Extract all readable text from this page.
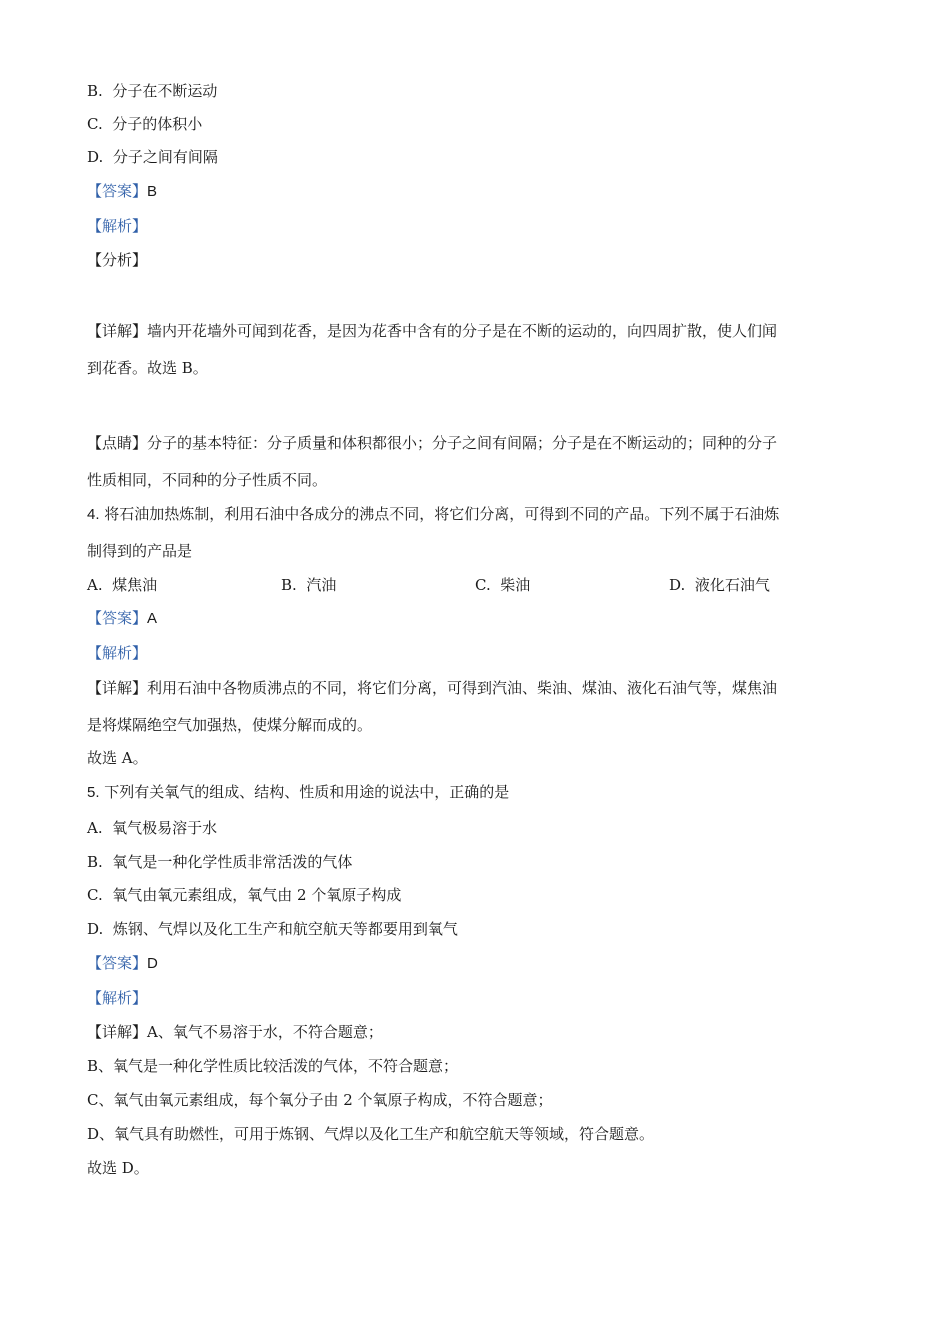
B. 分子在不断运动
C. 分子的体积小
D. 分子之间有间隔
【答案】B
【解析】
【分析】
【详解】墙内开花墙外可闻到花香，是因为花香中含有的分子是在不断的运动的，向四周扩散，使人们闻
到花香。故选 B。
【点睛】分子的基本特征：分子质量和体积都很小；分子之间有间隔；分子是在不断运动的；同种的分子
性质相同，不同种的分子性质不同。
4. 将石油加热炼制，利用石油中各成分的沸点不同，将它们分离，可得到不同的产品。下列不属于石油炼
制得到的产品是
A. 煤焦油	B. 汽油	C. 柴油	D. 液化石油气
【答案】A
【解析】
【详解】利用石油中各物质沸点的不同，将它们分离，可得到汽油、柴油、煤油、液化石油气等，煤焦油
是将煤隔绝空气加强热，使煤分解而成的。
故选 A。
5. 下列有关氧气的组成、结构、性质和用途的说法中，正确的是
A. 氧气极易溶于水
B. 氧气是一种化学性质非常活泼的气体
C. 氧气由氧元素组成，氧气由 2 个氧原子构成
D. 炼钢、气焊以及化工生产和航空航天等都要用到氧气
【答案】D
【解析】
【详解】A、氧气不易溶于水，不符合题意；
B、氧气是一种化学性质比较活泼的气体，不符合题意；
C、氧气由氧元素组成，每个氧分子由 2 个氧原子构成，不符合题意；
D、氧气具有助燃性，可用于炼钢、气焊以及化工生产和航空航天等领域，符合题意。
故选 D。
